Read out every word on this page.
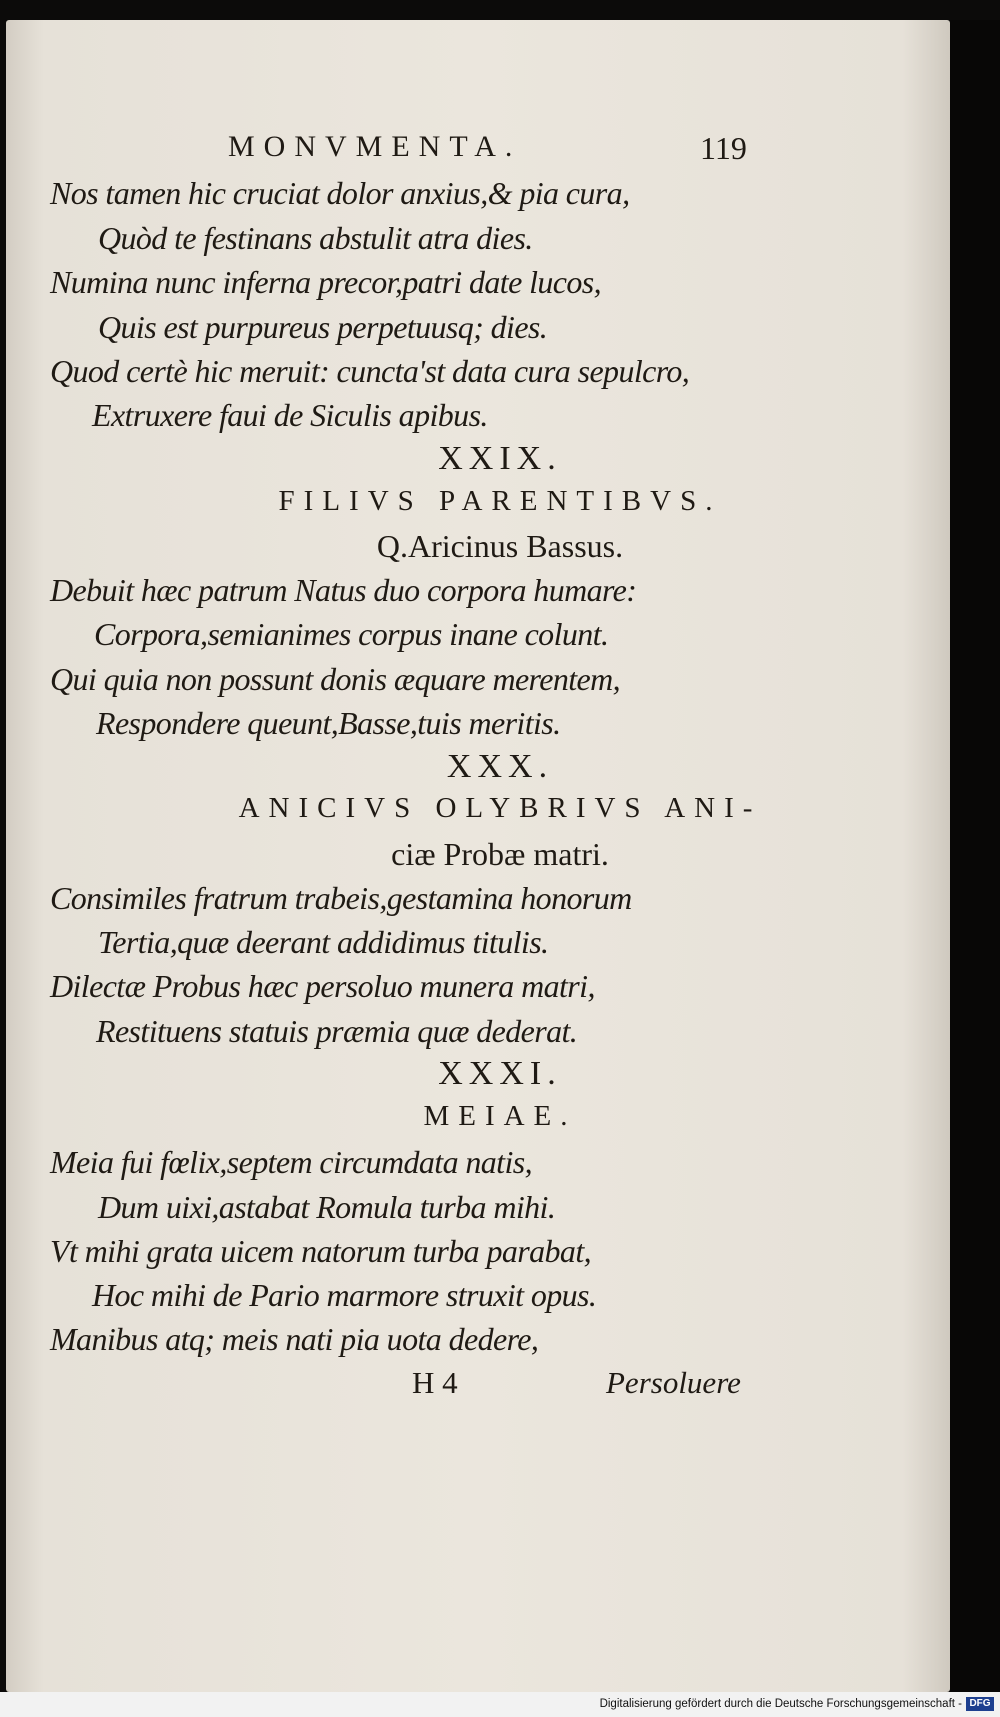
MONVMENTA.	119
Nos tamen hic cruciat dolor anxius,& pia cura,
Quòd te festinans abstulit atra dies.
Numina nunc inferna precor,patri date lucos,
Quis est purpureus perpetuusq; dies.
Quod certè hic meruit: cuncta'st data cura sepulcro,
Extruxere faui de Siculis apibus.
XXIX.
FILIVS PARENTIBVS.
Q.Aricinus Bassus.
Debuit hæc patrum Natus duo corpora humare:
Corpora,semianimes corpus inane colunt.
Qui quia non possunt donis æquare merentem,
Respondere queunt,Basse,tuis meritis.
XXX.
ANICIVS OLYBRIVS ANI-
ciæ Probæ matri.
Consimiles fratrum trabeis,gestamina honorum
Tertia,quæ deerant addidimus titulis.
Dilectæ Probus hæc persoluo munera matri,
Restituens statuis præmia quæ dederat.
XXXI.
MEIAE.
Meia fui fœlix,septem circumdata natis,
Dum uixi,astabat Romula turba mihi.
Vt mihi grata uicem natorum turba parabat,
Hoc mihi de Pario marmore struxit opus.
Manibus atq; meis nati pia uota dedere,
H 4	Persoluere
Digitalisierung gefördert durch die Deutsche Forschungsgemeinschaft - DFG
